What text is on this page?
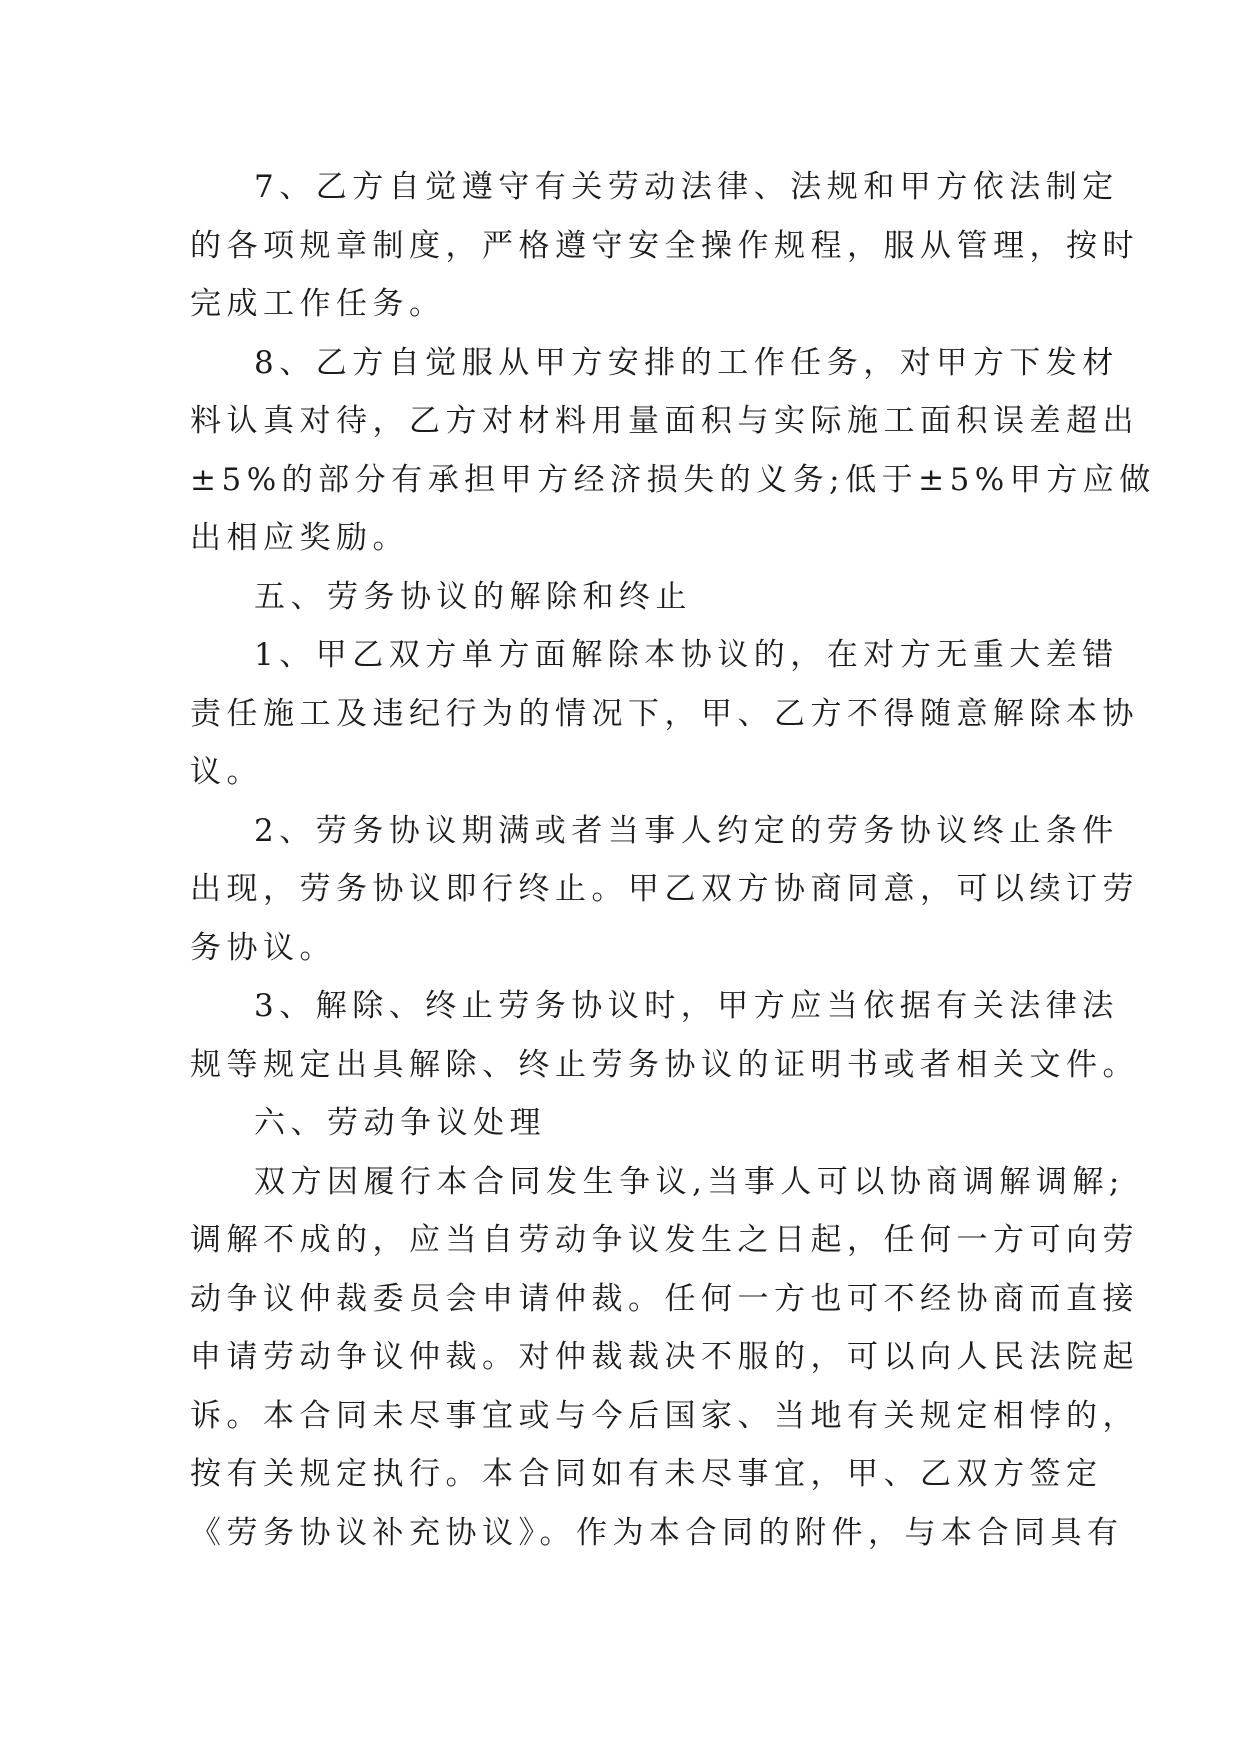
7、乙方自觉遵守有关劳动法律、法规和甲方依法制定
的各项规章制度，严格遵守安全操作规程，服从管理，按时
完成工作任务。
8、乙方自觉服从甲方安排的工作任务，对甲方下发材
料认真对待，乙方对材料用量面积与实际施工面积误差超出
±5%的部分有承担甲方经济损失的义务;低于±5%甲方应做
出相应奖励。
五、劳务协议的解除和终止
1、甲乙双方单方面解除本协议的，在对方无重大差错
责任施工及违纪行为的情况下，甲、乙方不得随意解除本协
议。
2、劳务协议期满或者当事人约定的劳务协议终止条件
出现，劳务协议即行终止。甲乙双方协商同意，可以续订劳
务协议。
3、解除、终止劳务协议时，甲方应当依据有关法律法
规等规定出具解除、终止劳务协议的证明书或者相关文件。
六、劳动争议处理
双方因履行本合同发生争议,当事人可以协商调解调解;
调解不成的，应当自劳动争议发生之日起，任何一方可向劳
动争议仲裁委员会申请仲裁。任何一方也可不经协商而直接
申请劳动争议仲裁。对仲裁裁决不服的，可以向人民法院起
诉。本合同未尽事宜或与今后国家、当地有关规定相悖的，
按有关规定执行。本合同如有未尽事宜，甲、乙双方签定
《劳务协议补充协议》。作为本合同的附件，与本合同具有
